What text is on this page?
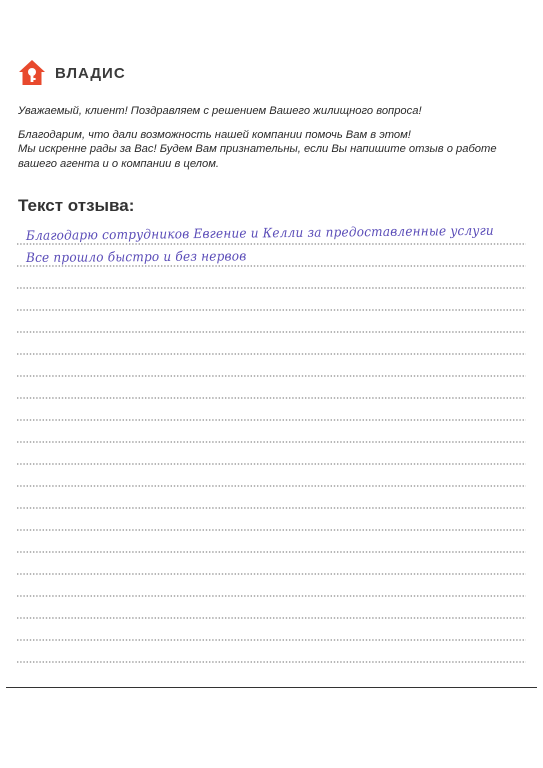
ВЛАДИС

Уважаемый, клиент! Поздравляем с решением Вашего жилищного вопроса!

Благодарим, что дали возможность нашей компании помочь Вам в этом!

Мы искренне рады за Вас! Будем Вам признательны, если Вы напишите отзыв о работе

вашего агента и о компании в целом.

Текст отзыва:
Благодарю сотрудников Евгение и Келли за предоставленные услуги
Все прошло быстро и без нервов
